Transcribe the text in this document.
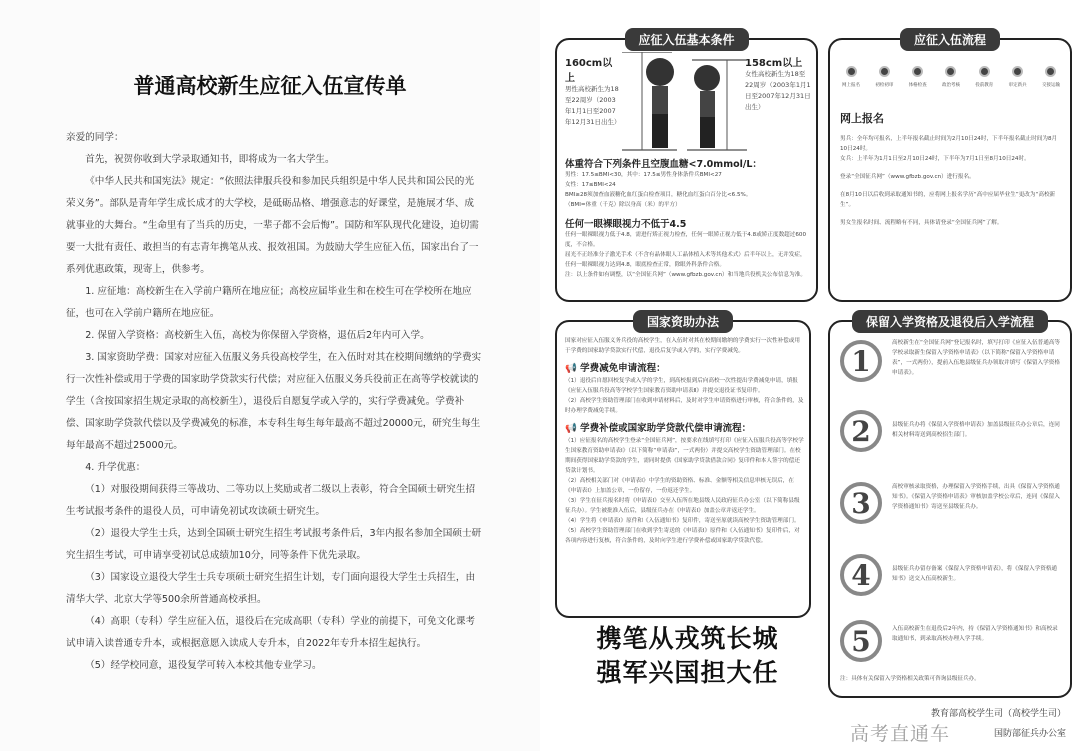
普通高校新生应征入伍宣传单

亲爱的同学：

首先，祝贺你收到大学录取通知书，即将成为一名大学生。

《中华人民共和国宪法》规定：“依照法律服兵役和参加民兵组织是中华人民共和国公民的光荣义务”。部队是青年学生成长成才的大学校，是砥砺品格、增强意志的好课堂，是施展才华、成就事业的大舞台。“生命里有了当兵的历史，一辈子都不会后悔”。国防和军队现代化建设，迫切需要一大批有责任、敢担当的有志青年携笔从戎、报效祖国。为鼓励大学生应征入伍，国家出台了一系列优惠政策，现寄上，供参考。

1. 应征地：高校新生在入学前户籍所在地应征；高校应届毕业生和在校生可在学校所在地应征，也可在入学前户籍所在地应征。

2. 保留入学资格：高校新生入伍，高校为你保留入学资格，退伍后2年内可入学。

3. 国家资助学费：国家对应征入伍服义务兵役高校学生，在入伍时对其在校期间缴纳的学费实行一次性补偿或用于学费的国家助学贷款实行代偿；对应征入伍服义务兵役前正在高等学校就读的学生（含按国家招生规定录取的高校新生），退役后自愿复学或入学的，实行学费减免。学费补偿、国家助学贷款代偿以及学费减免的标准，本专科生每生每年最高不超过20000元，研究生每生每年最高不超过25000元。

4. 升学优惠：

（1）对服役期间获得三等战功、二等功以上奖励或者二级以上表彰，符合全国硕士研究生招生考试报考条件的退役人员，可申请免初试攻读硕士研究生。

（2）退役大学生士兵，达到全国硕士研究生招生考试报考条件后，3年内报名参加全国硕士研究生招生考试，可申请享受初试总成绩加10分，同等条件下优先录取。

（3）国家设立退役大学生士兵专项硕士研究生招生计划，专门面向退役大学生士兵招生，由清华大学、北京大学等500余所普通高校承担。

（4）高职（专科）学生应征入伍，退役后在完成高职（专科）学业的前提下，可免文化课考试申请入读普通专升本，或根据意愿入读成人专升本，自2022年专升本招生起执行。

（5）经学校同意，退役复学可转入本校其他专业学习。

应征入伍基本条件
160cm以上
男性高校新生为18至22周岁（2003年1月1日至2007年12月31日出生）
158cm以上
女性高校新生为18至22周岁（2003年1月1日至2007年12月31日出生）
体重符合下列条件且空腹血糖<7.0mmol/L：
男性：17.5≤BMI<30，其中：17.5≤男性身体条件兵BMI<27
女性：17≤BMI<24
BMI≥28须加查血液糖化血红蛋白检查项目，糖化血红蛋白百分比<6.5%。
（BMI=体重（千克）除以身高（米）的平方）
任何一眼裸眼视力不低于4.5
任何一眼裸眼视力低于4.8，需进行矫正视力检查，任何一眼矫正视力低于4.8或矫正度数超过600度，不合格。
屈光不正经准分子激光手术（不含有晶体眼人工晶体植入术等其他术式）后半年以上，无并发症，任何一眼裸眼视力达到4.8，眼底检查正常，除眼外科条件合格。
注：以上条件如有调整，以“全国征兵网”（www.gfbzb.gov.cn）和当地兵役机关公布信息为准。
应征入伍流程
网上报名	初检初审	体格检查	政治考核	役前教育	审定新兵	交接运输
网上报名
男兵：全年均可报名，上半年报名截止时间为2月10日24时，下半年报名截止时间为8月10日24时。
女兵：上半年为1月1日至2月10日24时，下半年为7月1日至8月10日24时。
登录“全国征兵网”（www.gfbzb.gov.cn）进行报名。
在8月10日以后收到录取通知书的，应将网上报名学历“高中应届毕业生”更改为“高校新生”。
男女生报名时间、流程略有不同，具体请登录“全国征兵网”了解。
国家资助办法
国家对应征入伍服义务兵役的高校学生，在入伍时对其在校期间缴纳的学费实行一次性补偿或用于学费的国家助学贷款实行代偿，退役后复学或入学的，实行学费减免。
📢 学费减免申请流程：
（1）退役后自愿回校复学或入学的学生，到高校报到后向高校一次性提出学费减免申请，填报《应征入伍服兵役高等学校学生国家教育资助申请表Ⅱ》并提交退役证书复印件。
（2）高校学生资助管理部门在收到申请材料后，及时对学生申请资格进行审核，符合条件的，及时办理学费减免手续。
📢 学费补偿或国家助学贷款代偿申请流程：
（1）应征报名的高校学生登录“全国征兵网”，按要求在线填写打印《应征入伍服兵役高等学校学生国家教育资助申请表Ⅰ》（以下简称“申请表Ⅰ”，一式两份）并提交高校学生资助管理部门。在校期间获得国家助学贷款的学生，需同时提供《国家助学贷款借款合同》复印件和本人签字的偿还贷款计划书。
（2）高校相关部门对《申请表Ⅰ》中学生的资助资格、标准、金额等相关信息审核无误后，在《申请表Ⅰ》上加盖公章，一份留存，一份返还学生。
（3）学生在征兵报名时将《申请表Ⅰ》交至入伍所在地县级人民政府征兵办公室（以下简称县级征兵办）。学生被批准入伍后，县级征兵办在《申请表Ⅰ》加盖公章并返还学生。
（4）学生将《申请表Ⅰ》原件和《入伍通知书》复印件，寄送至原就读高校学生资助管理部门。
（5）高校学生资助管理部门在收到学生寄送的《申请表Ⅰ》原件和《入伍通知书》复印件后，对各项内容进行复核，符合条件的，及时向学生进行学费补偿或国家助学贷款代偿。
保留入学资格及退役后入学流程
1
高校新生在“全国征兵网”登记报名时，填写打印《应征入伍普通高等学校录取新生保留入学资格申请表》（以下简称“保留入学资格申请表”，一式两份），提前入伍地县级征兵办领取并填写《保留入学资格申请表》。
2	县级征兵办将《保留入学资格申请表》加盖县级征兵办公章后，连同相关材料寄送到高校招生部门。
3	高校审核录取资格，办理保留入学资格手续，出具《保留入学资格通知书》。《保留入学资格申请表》审核加盖学校公章后，连同《保留入学资格通知书》寄送至县级征兵办。
4	县级征兵办留存备案《保留入学资格申请表》，将《保留入学资格通知书》送交入伍高校新生。
5	入伍高校新生在退役后2年内，持《保留入学资格通知书》和高校录取通知书，到录取高校办理入学手续。
注：具体有关保留入学资格相关政策可咨询县级征兵办。
携笔从戎筑长城
强军兴国担大任
教育部高校学生司（高校学生司）
国防部征兵办公室
高考直通车
